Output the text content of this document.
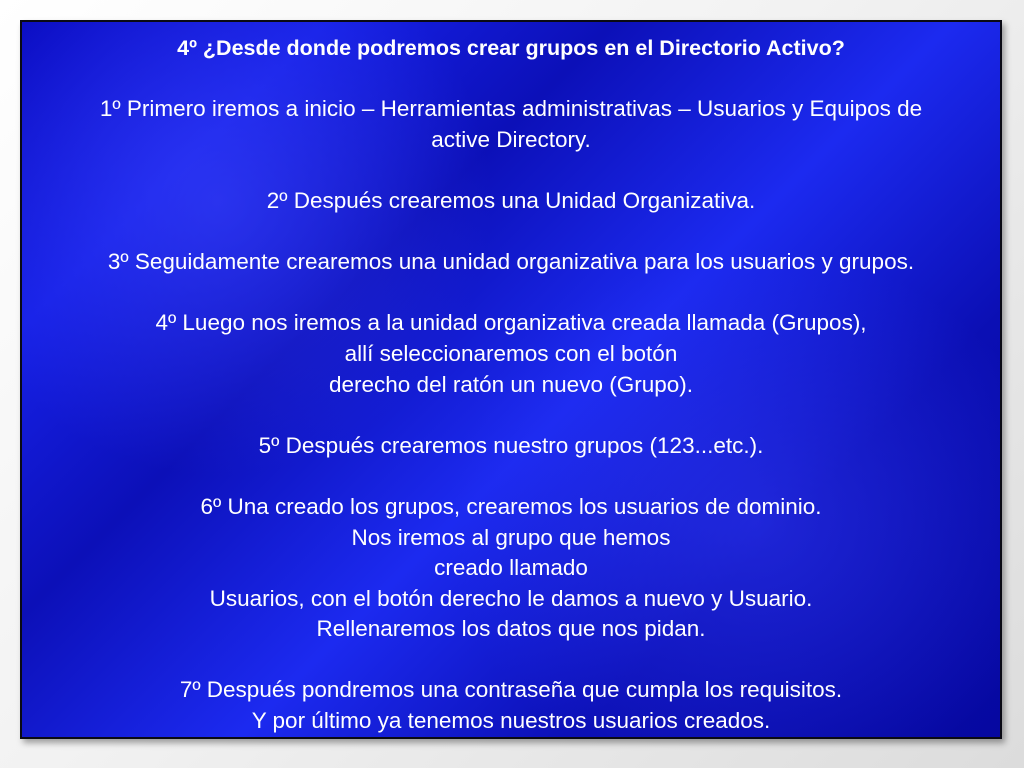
4º ¿Desde donde podremos crear grupos en el Directorio Activo?
1º Primero iremos a inicio – Herramientas administrativas – Usuarios y Equipos de
active Directory.
2º Después crearemos una Unidad Organizativa.
3º Seguidamente crearemos una unidad organizativa para los usuarios y grupos.
4º Luego nos iremos a la unidad organizativa creada llamada (Grupos),
allí seleccionaremos con el botón
derecho del ratón un nuevo (Grupo).
5º Después crearemos nuestro grupos (123...etc.).
6º Una creado los grupos, crearemos los usuarios de dominio.
Nos iremos al grupo que hemos
creado llamado
Usuarios, con el botón derecho le damos a nuevo y Usuario.
Rellenaremos los datos que nos pidan.
7º Después pondremos una contraseña que cumpla los requisitos.
Y por último ya tenemos nuestros usuarios creados.
